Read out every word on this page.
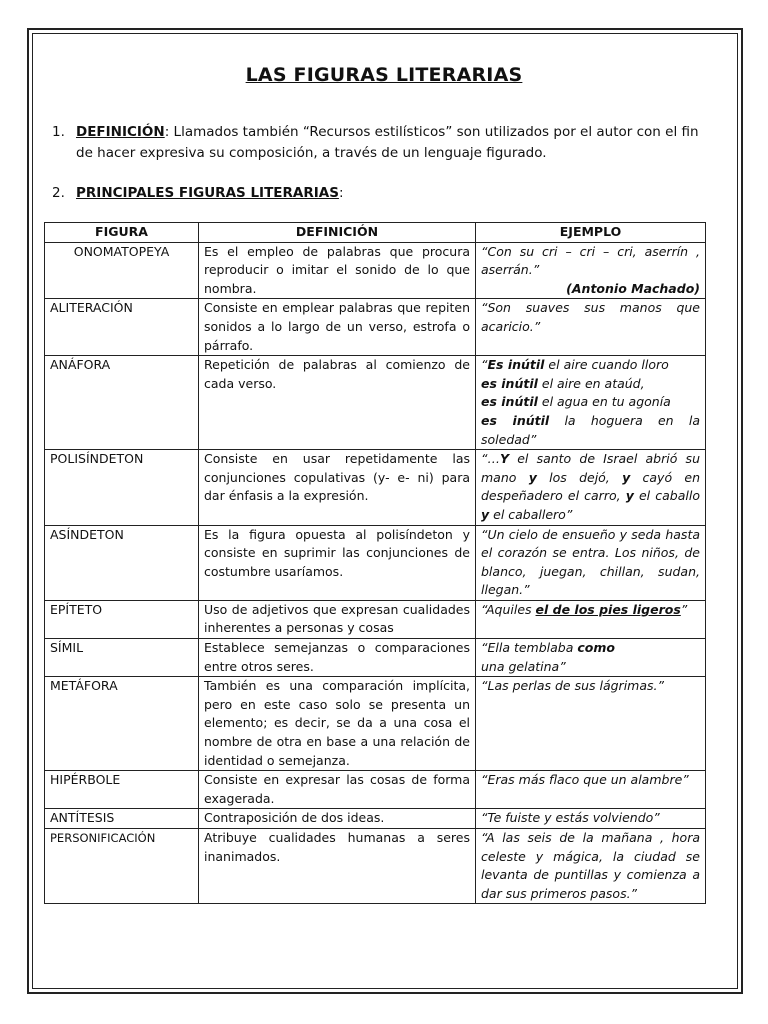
LAS FIGURAS LITERARIAS
1. DEFINICIÓN: Llamados también “Recursos estilísticos” son utilizados por el autor con el fin de hacer expresiva su composición, a través de un lenguaje figurado.
2. PRINCIPALES FIGURAS LITERARIAS:
FIGURA	DEFINICIÓN	EJEMPLO
ONOMATOPEYA	Es el empleo de palabras que procura reproducir o imitar el sonido de lo que nombra.	“Con su cri – cri – cri, aserrín , aserrán.”
(Antonio Machado)

ALITERACIÓN	Consiste en emplear palabras que repiten sonidos a lo largo de un verso, estrofa o párrafo.	“Son suaves sus manos que acaricio.”
ANÁFORA	Repetición de palabras al comienzo de cada verso.	“Es inútil el aire cuando lloro
es inútil el aire en ataúd,
es inútil el agua en tu agonía
es inútil la hoguera en la soledad”

POLISÍNDETON	Consiste en usar repetidamente las conjunciones copulativas (y- e- ni) para dar énfasis a la expresión.	“…Y el santo de Israel abrió su mano y los dejó, y cayó en despeñadero el carro, y el caballo y el caballero”
ASÍNDETON	Es la figura opuesta al polisíndeton y consiste en suprimir las conjunciones de costumbre usaríamos.	“Un cielo de ensueño y seda hasta el corazón se entra. Los niños, de blanco, juegan, chillan, sudan, llegan.”
EPÍTETO	Uso de adjetivos que expresan cualidades inherentes a personas y cosas	“Aquiles el de los pies ligeros”
SÍMIL	Establece semejanzas o comparaciones entre otros seres.	“Ella temblaba como
una gelatina”
METÁFORA	También es una comparación implícita, pero en este caso solo se presenta un elemento; es decir, se da a una cosa el nombre de otra en base a una relación de identidad o semejanza.	“Las perlas de sus lágrimas.”
HIPÉRBOLE	Consiste en expresar las cosas de forma exagerada.	“Eras más flaco que un alambre”
ANTÍTESIS	Contraposición de dos ideas.	“Te fuiste y estás volviendo”
PERSONIFICACIÓN	Atribuye cualidades humanas a seres inanimados.	“A las seis de la mañana , hora celeste y mágica, la ciudad se levanta de puntillas y comienza a dar sus primeros pasos.”
